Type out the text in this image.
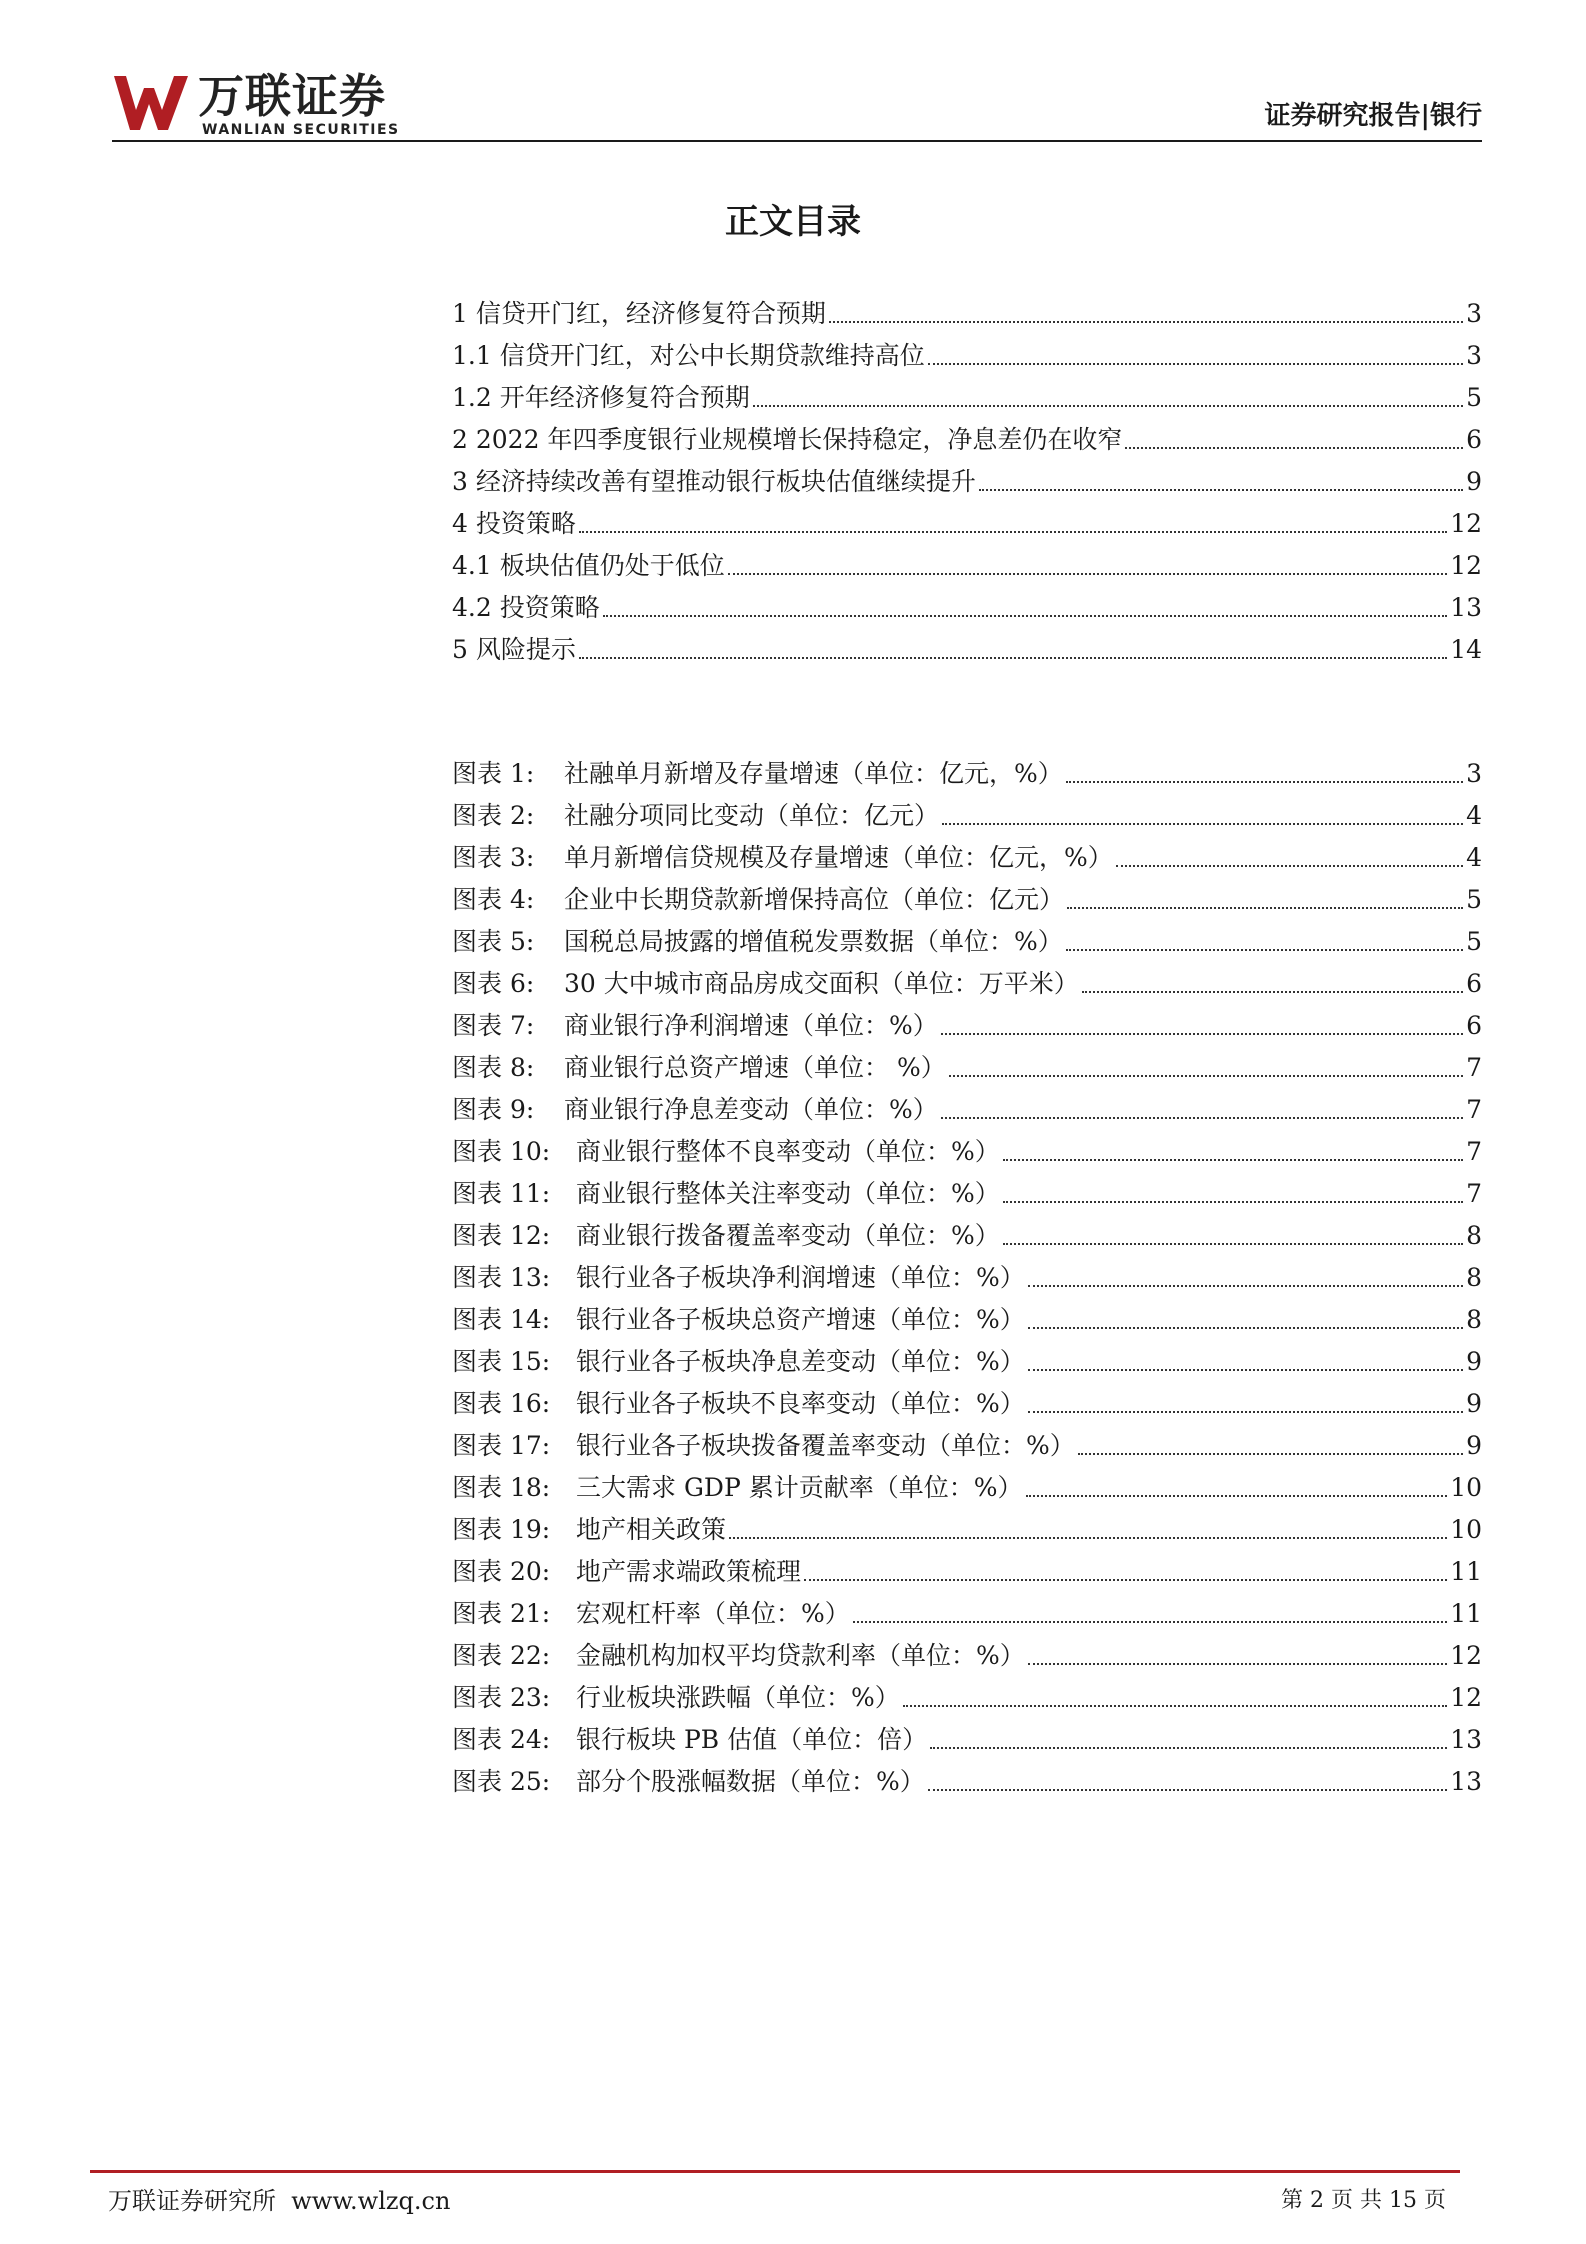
万联证券
WANLIAN SECURITIES	证券研究报告|银行
正文目录
1 信贷开门红，经济修复符合预期	3
1.1 信贷开门红，对公中长期贷款维持高位	3
1.2 开年经济修复符合预期	5
2 2022 年四季度银行业规模增长保持稳定，净息差仍在收窄	6
3 经济持续改善有望推动银行板块估值继续提升	9
4 投资策略	12
4.1 板块估值仍处于低位	12
4.2 投资策略	13
5 风险提示	14
图表 1: 社融单月新增及存量增速（单位：亿元，%）	3
图表 2: 社融分项同比变动（单位：亿元）	4
图表 3: 单月新增信贷规模及存量增速（单位：亿元，%）	4
图表 4: 企业中长期贷款新增保持高位（单位：亿元）	5
图表 5: 国税总局披露的增值税发票数据（单位：%）	5
图表 6: 30 大中城市商品房成交面积（单位：万平米）	6
图表 7: 商业银行净利润增速（单位：%）	6
图表 8: 商业银行总资产增速（单位： %）	7
图表 9: 商业银行净息差变动（单位：%）	7
图表 10: 商业银行整体不良率变动（单位：%）	7
图表 11: 商业银行整体关注率变动（单位：%）	7
图表 12: 商业银行拨备覆盖率变动（单位：%）	8
图表 13: 银行业各子板块净利润增速（单位：%）	8
图表 14: 银行业各子板块总资产增速（单位：%）	8
图表 15: 银行业各子板块净息差变动（单位：%）	9
图表 16: 银行业各子板块不良率变动（单位：%）	9
图表 17: 银行业各子板块拨备覆盖率变动（单位：%）	9
图表 18: 三大需求 GDP 累计贡献率（单位：%）	10
图表 19: 地产相关政策	10
图表 20: 地产需求端政策梳理	11
图表 21: 宏观杠杆率（单位：%）	11
图表 22: 金融机构加权平均贷款利率（单位：%）	12
图表 23: 行业板块涨跌幅（单位：%）	12
图表 24: 银行板块 PB 估值（单位：倍）	13
图表 25: 部分个股涨幅数据（单位：%）	13
万联证券研究所 www.wlzq.cn	第 2 页 共 15 页
